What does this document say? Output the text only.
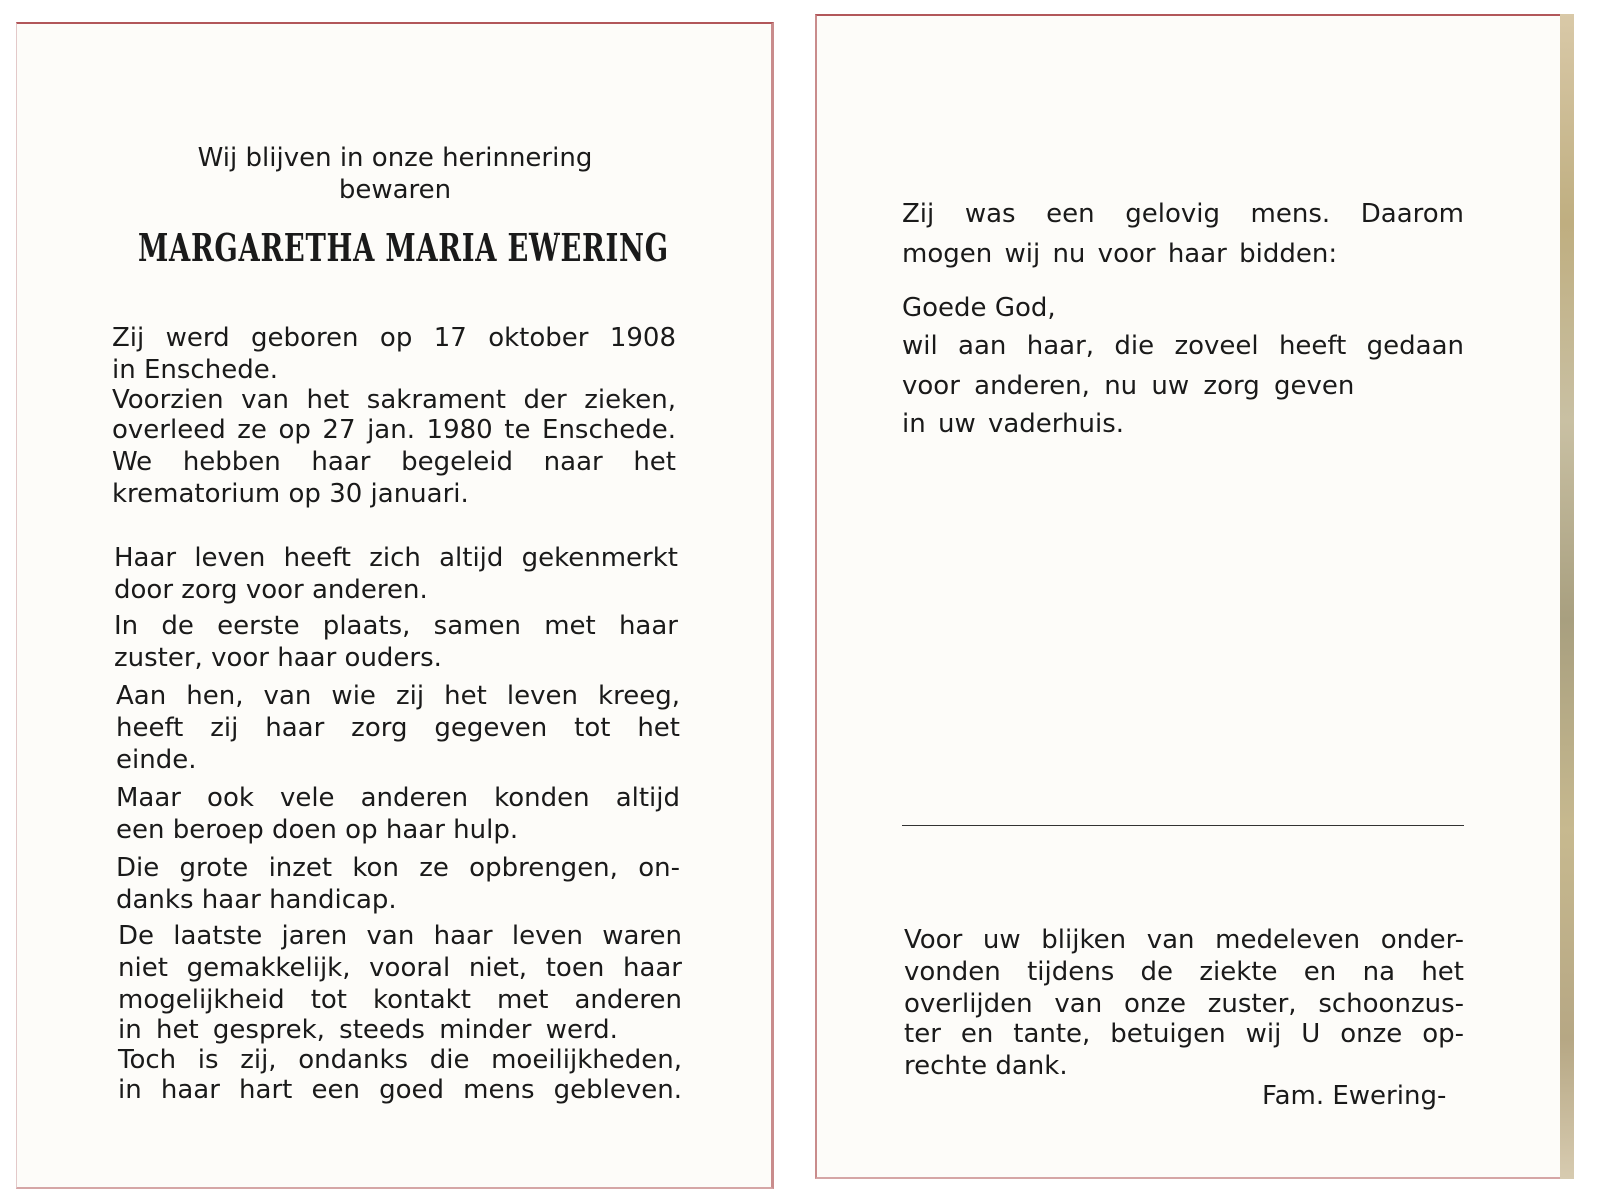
Wij blijven in onze herinnering

bewaren

MARGARETHA MARIA EWERING

Zij werd geboren op 17 oktober 1908

in Enschede.

Voorzien van het sakrament der zieken,

overleed ze op 27 jan. 1980 te Enschede.

We hebben haar begeleid naar het

krematorium op 30 januari.

Haar leven heeft zich altijd gekenmerkt

door zorg voor anderen.

In de eerste plaats, samen met haar

zuster, voor haar ouders.

Aan hen, van wie zij het leven kreeg,

heeft zij haar zorg gegeven tot het

einde.

Maar ook vele anderen konden altijd

een beroep doen op haar hulp.

Die grote inzet kon ze opbrengen, on-

danks haar handicap.

De laatste jaren van haar leven waren

niet gemakkelijk, vooral niet, toen haar

mogelijkheid tot kontakt met anderen

in het gesprek, steeds minder werd.

Toch is zij, ondanks die moeilijkheden,

in haar hart een goed mens gebleven.

Zij was een gelovig mens. Daarom

mogen wij nu voor haar bidden:

Goede God,

wil aan haar, die zoveel heeft gedaan

voor anderen, nu uw zorg geven

in uw vaderhuis.

Voor uw blijken van medeleven onder-

vonden tijdens de ziekte en na het

overlijden van onze zuster, schoonzus-

ter en tante, betuigen wij U onze op-

rechte dank.

Fam. Ewering-
